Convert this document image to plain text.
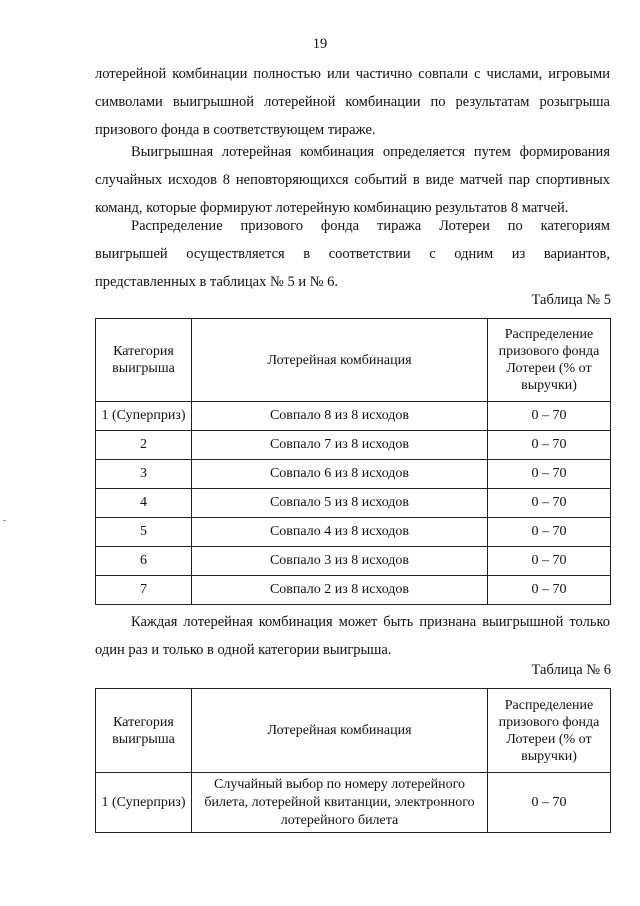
19

лотерейной комбинации полностью или частично совпали с числами, игровыми
символами выигрышной лотерейной комбинации по результатам розыгрыша
призового фонда в соответствующем тираже.

Выигрышная лотерейная комбинация определяется путем формирования
случайных исходов 8 неповторяющихся событий в виде матчей пар спортивных
команд, которые формируют лотерейную комбинацию результатов 8 матчей.

Распределение призового фонда тиража Лотереи по категориям
выигрышей осуществляется в соответствии с одним из вариантов,
представленных в таблицах № 5 и № 6.

Таблица № 5
Категория выигрыша	Лотерейная комбинация	Распределение призового фонда Лотереи (% от выручки)
1 (Суперприз)	Совпало 8 из 8 исходов	0 – 70
2	Совпало 7 из 8 исходов	0 – 70
3	Совпало 6 из 8 исходов	0 – 70
4	Совпало 5 из 8 исходов	0 – 70
5	Совпало 4 из 8 исходов	0 – 70
6	Совпало 3 из 8 исходов	0 – 70
7	Совпало 2 из 8 исходов	0 – 70

Каждая лотерейная комбинация может быть признана выигрышной только
один раз и только в одной категории выигрыша.

Таблица № 6
Категория выигрыша	Лотерейная комбинация	Распределение призового фонда Лотереи (% от выручки)
1 (Суперприз)	Случайный выбор по номеру лотерейного билета, лотерейной квитанции, электронного лотерейного билета	0 – 70
